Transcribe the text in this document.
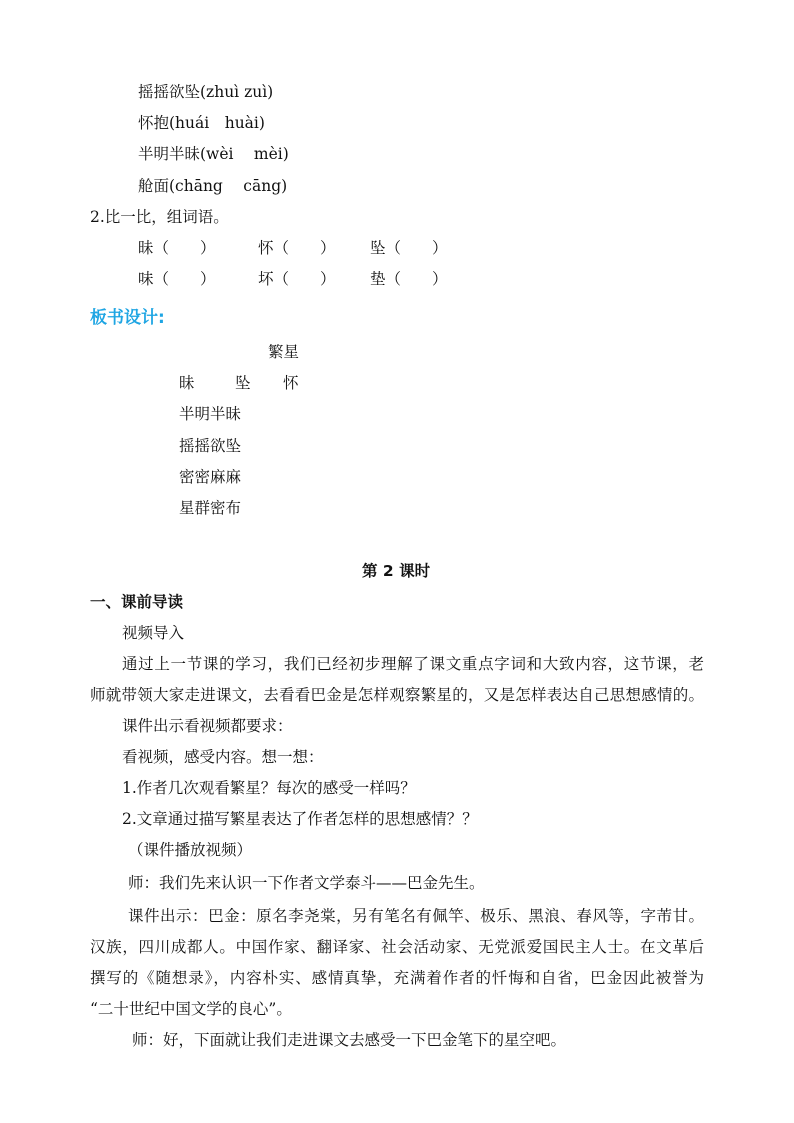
摇摇欲坠(zhuì zuì)
怀抱(huái　huài)
半明半昧(wèi　 mèi)
舱面(chāng　 cāng)
2.比一比，组词语。
昧（　　）	怀（　　） 坠（　　）
味（　　）	坏（　　） 垫（　　）
板书设计:
繁星
昧	坠 怀
半明半昧
摇摇欲坠
密密麻麻
星群密布
第 2 课时
一、课前导读
视频导入
通过上一节课的学习，我们已经初步理解了课文重点字词和大致内容，这节课，老
师就带领大家走进课文，去看看巴金是怎样观察繁星的，又是怎样表达自己思想感情的。
课件出示看视频都要求：
看视频，感受内容。想一想：
1.作者几次观看繁星？每次的感受一样吗？
2.文章通过描写繁星表达了作者怎样的思想感情？？
（课件播放视频）
师：我们先来认识一下作者文学泰斗——巴金先生。
课件出示：巴金：原名李尧棠，另有笔名有佩竿、极乐、黑浪、春风等，字芾甘。
汉族，四川成都人。中国作家、翻译家、社会活动家、无党派爱国民主人士。在文革后
撰写的《随想录》，内容朴实、感情真挚，充满着作者的忏悔和自省，巴金因此被誉为
“二十世纪中国文学的良心”。
师：好，下面就让我们走进课文去感受一下巴金笔下的星空吧。
